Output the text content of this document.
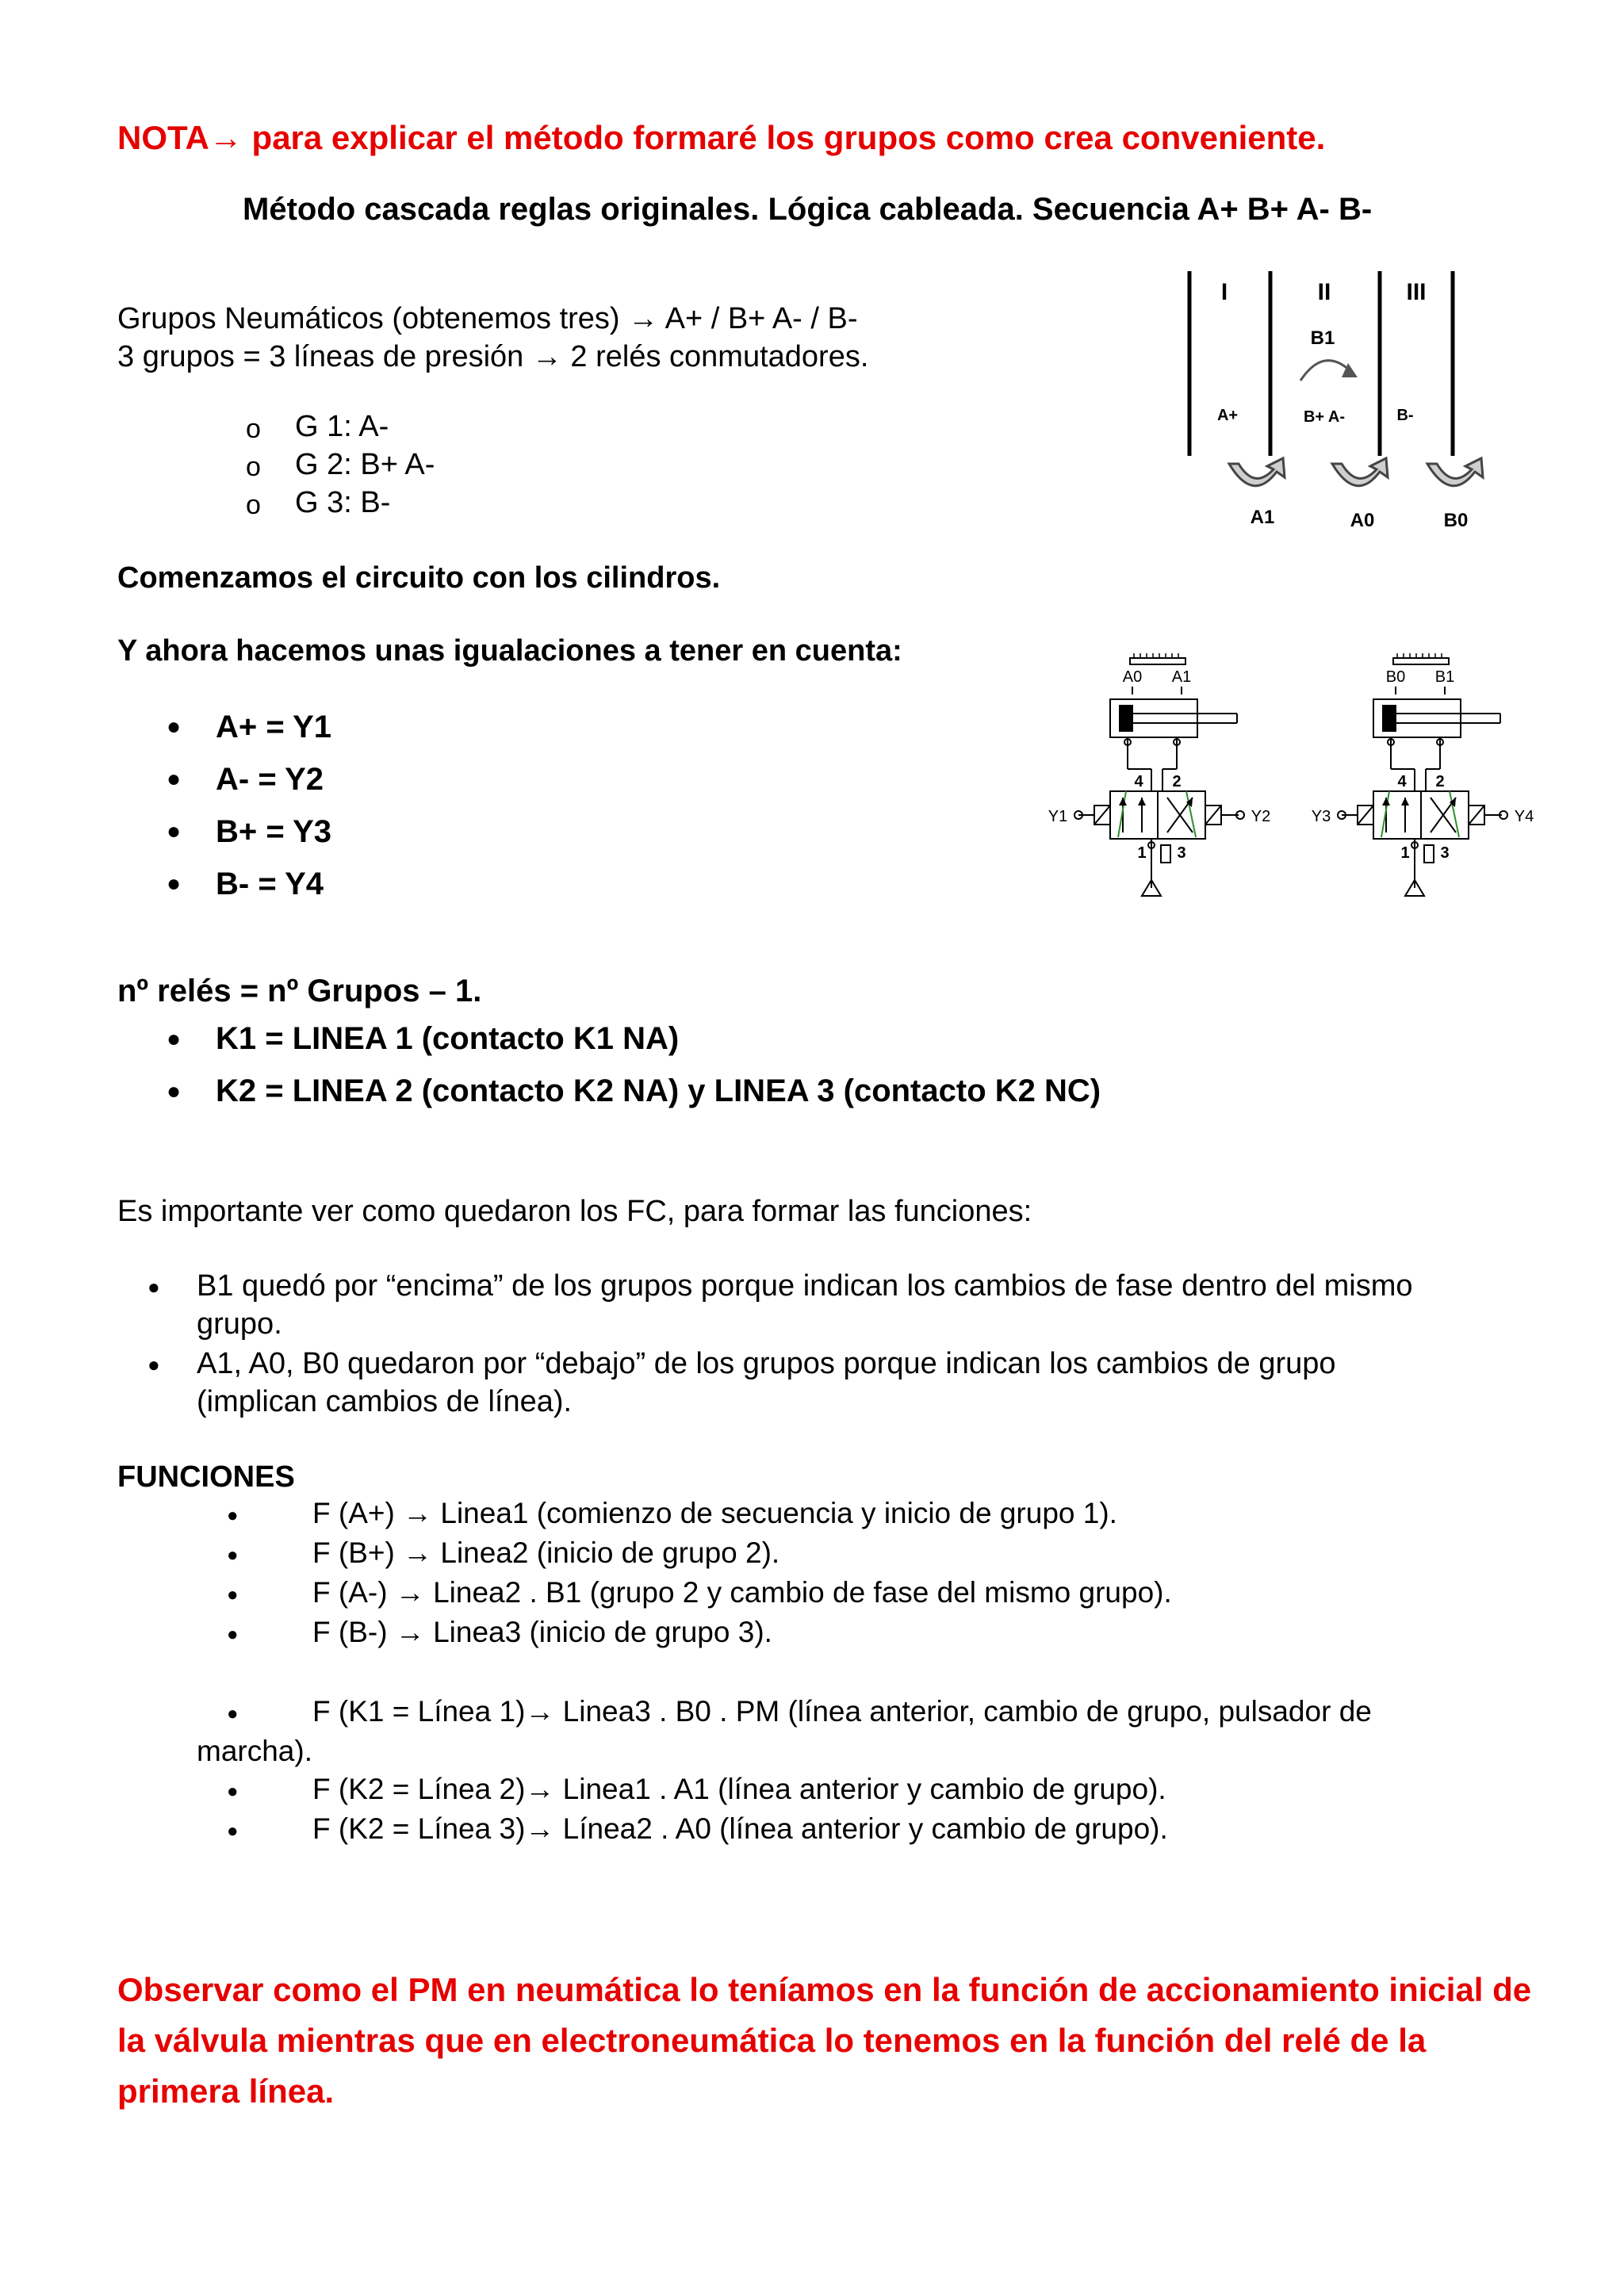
NOTA→ para explicar el método formaré los grupos como crea conveniente.
Método cascada reglas originales. Lógica cableada. Secuencia A+ B+ A- B-
Grupos Neumáticos (obtenemos tres) → A+ / B+ A- / B-
3 grupos = 3 líneas de presión → 2 relés conmutadores.
o G 1: A-
o G 2: B+ A-
o G 3: B-
I	II	III
B1
A+	B+ A-	B-
A1	A0	B0
Comenzamos el circuito con los cilindros.
Y ahora hacemos unas igualaciones a tener en cuenta:
● A+ = Y1
● A- = Y2
● B+ = Y3
● B- = Y4
A0 A1
4 2
1 3
Y1	Y2
B0 B1
4 2
1 3
Y3	Y4
nº relés = nº Grupos – 1.
● K1 = LINEA 1 (contacto K1 NA)
● K2 = LINEA 2 (contacto K2 NA) y LINEA 3 (contacto K2 NC)
Es importante ver como quedaron los FC, para formar las funciones:
● B1 quedó por “encima” de los grupos porque indican los cambios de fase dentro del mismo
grupo.
● A1, A0, B0 quedaron por “debajo” de los grupos porque indican los cambios de grupo
(implican cambios de línea).
FUNCIONES
●	F (A+) → Linea1 (comienzo de secuencia y inicio de grupo 1).
●	F (B+) → Linea2 (inicio de grupo 2).
●	F (A-) → Linea2 . B1 (grupo 2 y cambio de fase del mismo grupo).
●	F (B-) → Linea3 (inicio de grupo 3).
●	F (K1 = Línea 1)→ Linea3 . B0 . PM (línea anterior, cambio de grupo, pulsador de
marcha).
●	F (K2 = Línea 2)→ Linea1 . A1 (línea anterior y cambio de grupo).
●	F (K2 = Línea 3)→ Línea2 . A0 (línea anterior y cambio de grupo).
Observar como el PM en neumática lo teníamos en la función de accionamiento inicial de la válvula mientras que en electroneumática lo tenemos en la función del relé de la primera línea.
